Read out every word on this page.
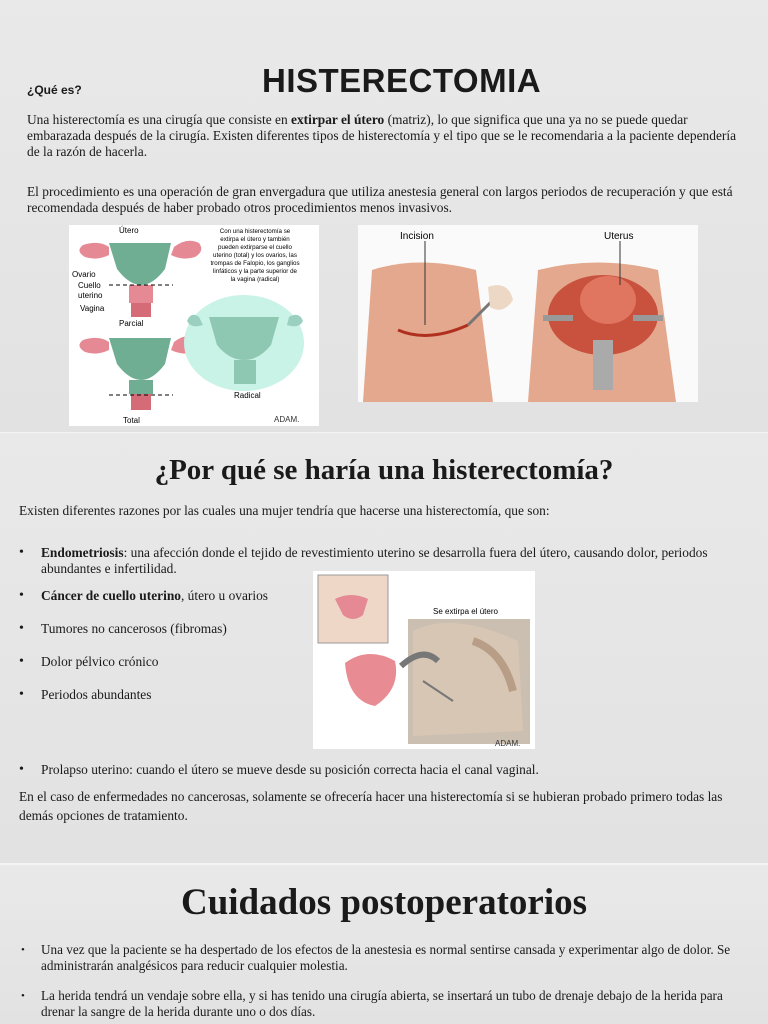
¿Qué es?	HISTERECTOMIA
Una histerectomía es una cirugía que consiste en extirpar el útero (matriz), lo que significa que una ya no se puede quedar embarazada después de la cirugía. Existen diferentes tipos de histerectomía y el tipo que se le recomendaria a la paciente dependería de la razón de hacerla.
El procedimiento es una operación de gran envergadura que utiliza anestesia general con largos periodos de recuperación y que está recomendada después de haber probado otros procedimientos menos invasivos.
Útero
Ovario
Cuello
uterino
Vagina
Parcial
Total
Radical
Con una histerectomía se
extirpa el útero y también
pueden extirparse el cuello
uterino (total) y los ovarios, las
trompas de Falopio, los ganglios
linfáticos y la parte superior de
la vagina (radical)
ADAM.
Incision	Uterus
¿Por qué se haría una histerectomía?
Existen diferentes razones por las cuales una mujer tendría que hacerse una histerectomía, que son:
• Endometriosis: una afección donde el tejido de revestimiento uterino se desarrolla fuera del útero, causando dolor, periodos abundantes e infertilidad.
• Cáncer de cuello uterino, útero u ovarios
• Tumores no cancerosos (fibromas)
• Dolor pélvico crónico
• Periodos abundantes
• Prolapso uterino: cuando el útero se mueve desde su posición correcta hacia el canal vaginal.
En el caso de enfermedades no cancerosas, solamente se ofrecería hacer una histerectomía si se hubieran probado primero todas las demás opciones de tratamiento.
Se extirpa el útero
ADAM.
Cuidados postoperatorios
• Una vez que la paciente se ha despertado de los efectos de la anestesia es normal sentirse cansada y experimentar algo de dolor. Se administrarán analgésicos para reducir cualquier molestia.
• La herida tendrá un vendaje sobre ella, y si has tenido una cirugía abierta, se insertará un tubo de drenaje debajo de la herida para drenar la sangre de la herida durante uno o dos días.
